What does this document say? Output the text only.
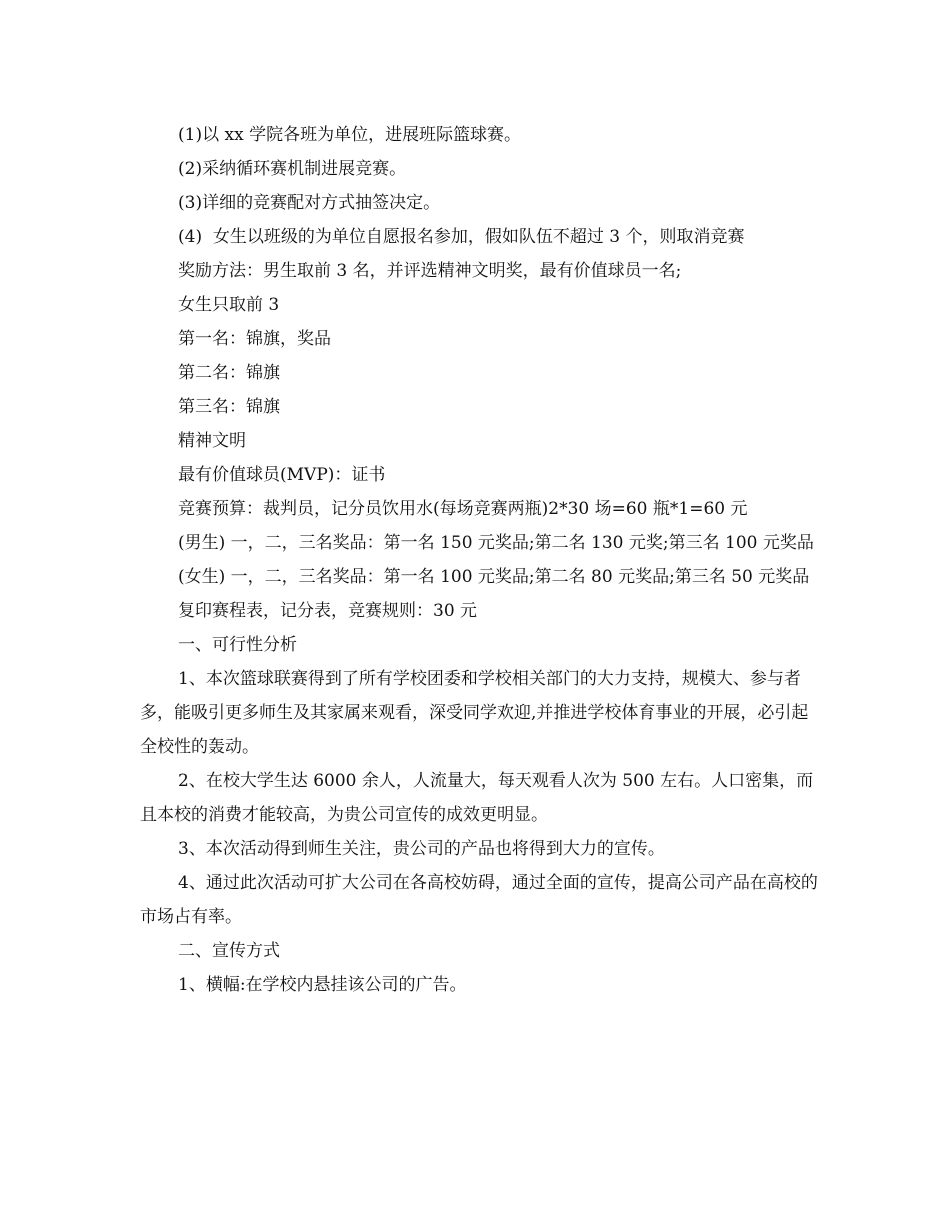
(1)以 xx 学院各班为单位，进展班际篮球赛。

(2)采纳循环赛机制进展竞赛。

(3)详细的竞赛配对方式抽签决定。

(4)  女生以班级的为单位自愿报名参加，假如队伍不超过 3 个，则取消竞赛

奖励方法：男生取前 3 名，并评选精神文明奖，最有价值球员一名;

女生只取前 3

第一名：锦旗，奖品

第二名：锦旗

第三名：锦旗

精神文明

最有价值球员(MVP)：证书

竞赛预算：裁判员，记分员饮用水(每场竞赛两瓶)2*30 场=60 瓶*1=60 元

(男生) 一，二，三名奖品：第一名 150 元奖品;第二名 130 元奖;第三名 100 元奖品

(女生) 一，二，三名奖品：第一名 100 元奖品;第二名 80 元奖品;第三名 50 元奖品

复印赛程表，记分表，竞赛规则：30 元

一、可行性分析

1、本次篮球联赛得到了所有学校团委和学校相关部门的大力支持，规模大、参与者多，能吸引更多师生及其家属来观看，深受同学欢迎,并推进学校体育事业的开展，必引起全校性的轰动。

2、在校大学生达 6000 余人，人流量大，每天观看人次为 500 左右。人口密集，而且本校的消费才能较高，为贵公司宣传的成效更明显。

3、本次活动得到师生关注，贵公司的产品也将得到大力的宣传。

4、通过此次活动可扩大公司在各高校妨碍，通过全面的宣传，提高公司产品在高校的市场占有率。

二、宣传方式

1、横幅:在学校内悬挂该公司的广告。
